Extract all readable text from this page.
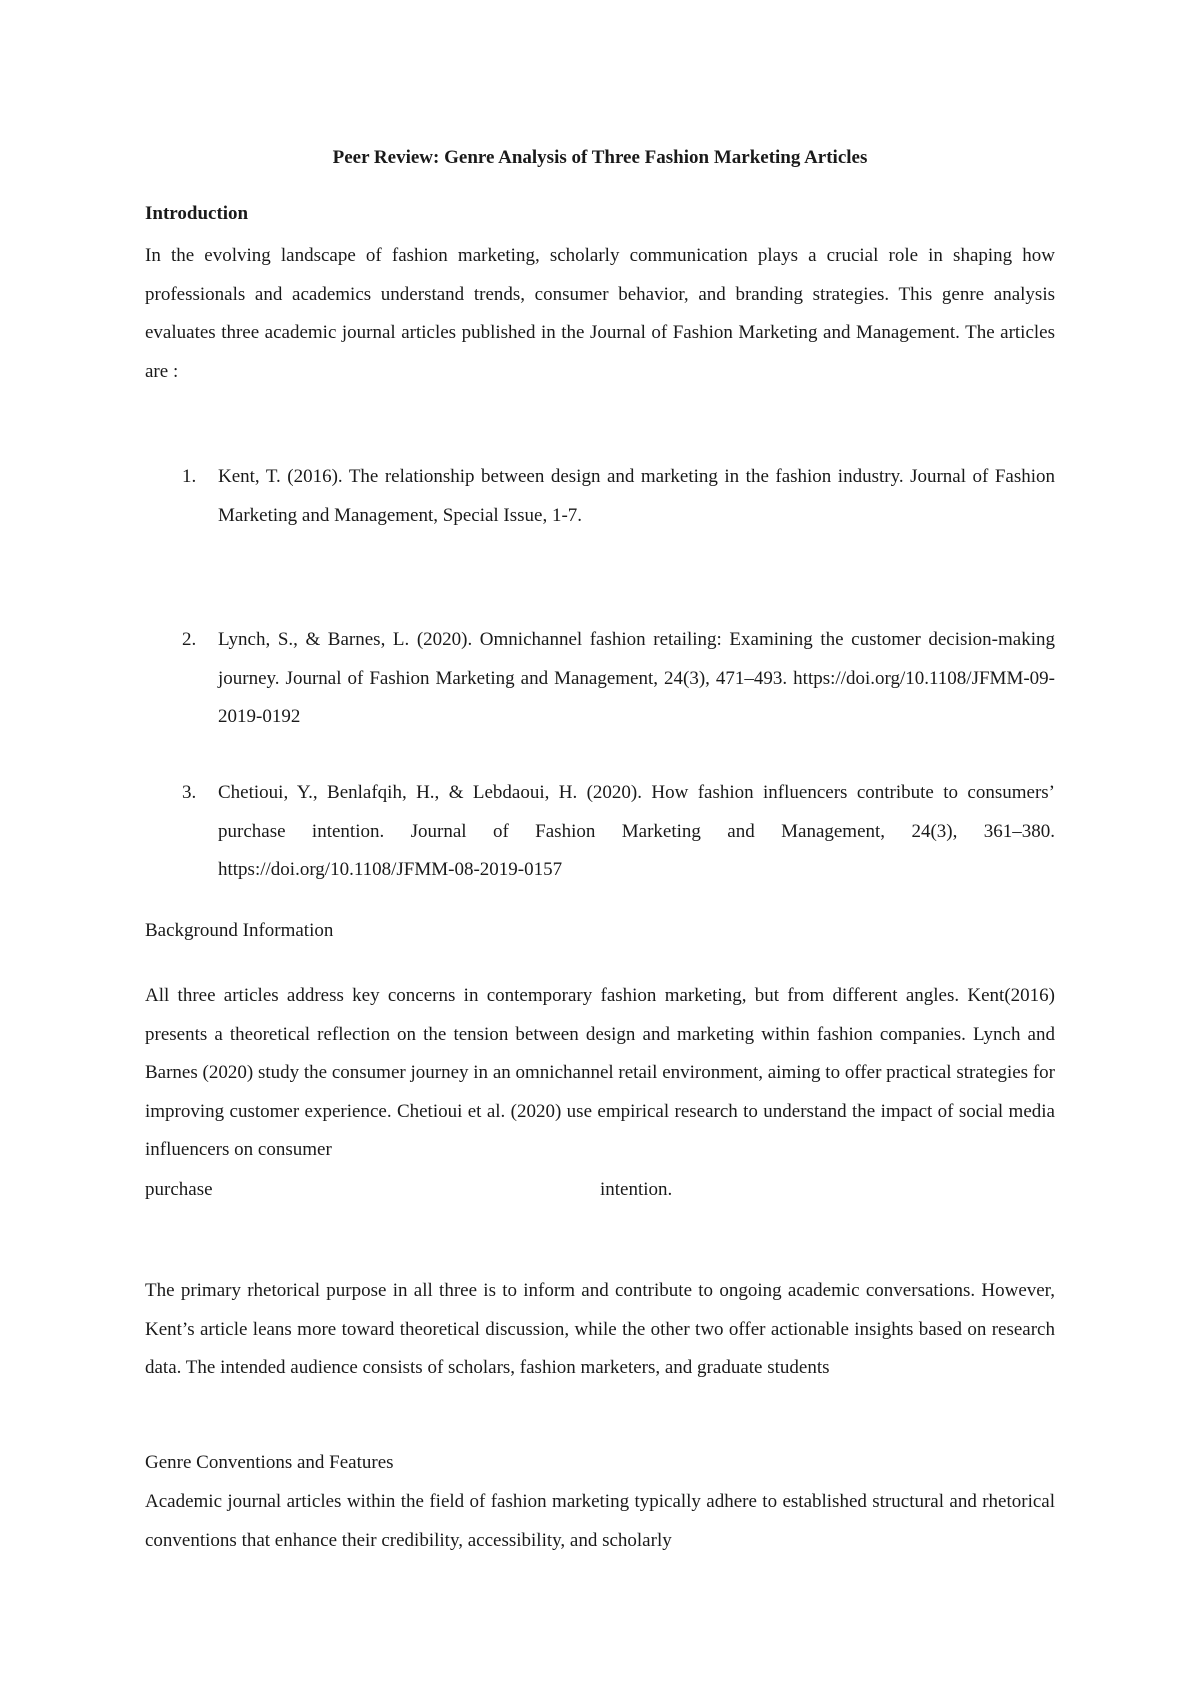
Peer Review: Genre Analysis of Three Fashion Marketing Articles

Introduction

In the evolving landscape of fashion marketing, scholarly communication plays a crucial role in shaping how professionals and academics understand trends, consumer behavior, and branding strategies. This genre analysis evaluates three academic journal articles published in the Journal of Fashion Marketing and Management. The articles are :

1. Kent, T. (2016). The relationship between design and marketing in the fashion industry. Journal of Fashion Marketing and Management, Special Issue, 1-7.
2. Lynch, S., & Barnes, L. (2020). Omnichannel fashion retailing: Examining the customer decision-making journey. Journal of Fashion Marketing and Management, 24(3), 471–493. https://doi.org/10.1108/JFMM-09-2019-0192
3. Chetioui, Y., Benlafqih, H., & Lebdaoui, H. (2020). How fashion influencers contribute to consumers’ purchase intention. Journal of Fashion Marketing and Management, 24(3), 361–380. https://doi.org/10.1108/JFMM-08-2019-0157

Background Information

All three articles address key concerns in contemporary fashion marketing, but from different angles. Kent(2016) presents a theoretical reflection on the tension between design and marketing within fashion companies. Lynch and Barnes (2020) study the consumer journey in an omnichannel retail environment, aiming to offer practical strategies for improving customer experience. Chetioui et al. (2020) use empirical research to understand the impact of social media influencers on consumer

purchase	intention.

The primary rhetorical purpose in all three is to inform and contribute to ongoing academic conversations. However, Kent’s article leans more toward theoretical discussion, while the other two offer actionable insights based on research data. The intended audience consists of scholars, fashion marketers, and graduate students

Genre Conventions and Features

Academic journal articles within the field of fashion marketing typically adhere to established structural and rhetorical conventions that enhance their credibility, accessibility, and scholarly
